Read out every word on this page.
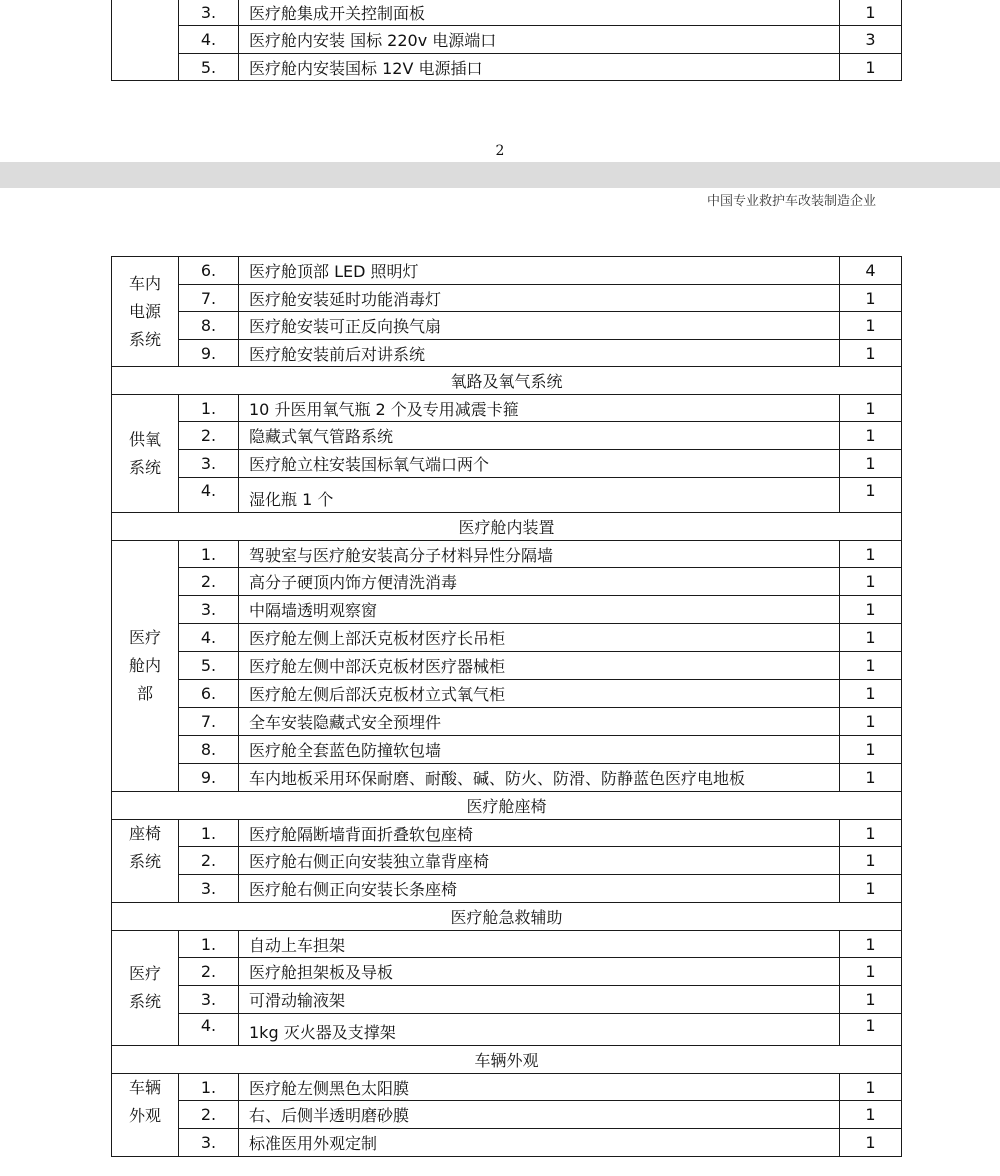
	3.	医疗舱集成开关控制面板	1
	4.	医疗舱内安装 国标 220v 电源端口	3
	5.	医疗舱内安装国标 12V 电源插口	1
2
中国专业救护车改装制造企业
车内电源系统	6.	医疗舱顶部 LED 照明灯	4
	7.	医疗舱安装延时功能消毒灯	1
	8.	医疗舱安装可正反向换气扇	1
	9.	医疗舱安装前后对讲系统	1
氧路及氧气系统			
供氧系统	1.	10 升医用氧气瓶 2 个及专用减震卡箍	1
	2.	隐藏式氧气管路系统	1
	3.	医疗舱立柱安装国标氧气端口两个	1
	4.	湿化瓶 1 个	1
医疗舱内装置			
医疗舱内部	1.	驾驶室与医疗舱安装高分子材料异性分隔墙	1
	2.	高分子硬顶内饰方便清洗消毒	1
	3.	中隔墙透明观察窗	1
	4.	医疗舱左侧上部沃克板材医疗长吊柜	1
	5.	医疗舱左侧中部沃克板材医疗器械柜	1
	6.	医疗舱左侧后部沃克板材立式氧气柜	1
	7.	全车安装隐藏式安全预埋件	1
	8.	医疗舱全套蓝色防撞软包墙	1
	9.	车内地板采用环保耐磨、耐酸、碱、防火、防滑、防静蓝色医疗电地板	1
医疗舱座椅			
座椅系统	1.	医疗舱隔断墙背面折叠软包座椅	1
	2.	医疗舱右侧正向安装独立靠背座椅	1
	3.	医疗舱右侧正向安装长条座椅	1
医疗舱急救辅助			
医疗系统	1.	自动上车担架	1
	2.	医疗舱担架板及导板	1
	3.	可滑动输液架	1
	4.	1kg 灭火器及支撑架	1
车辆外观			
车辆外观	1.	医疗舱左侧黑色太阳膜	1
	2.	右、后侧半透明磨砂膜	1
	3.	标准医用外观定制	1
